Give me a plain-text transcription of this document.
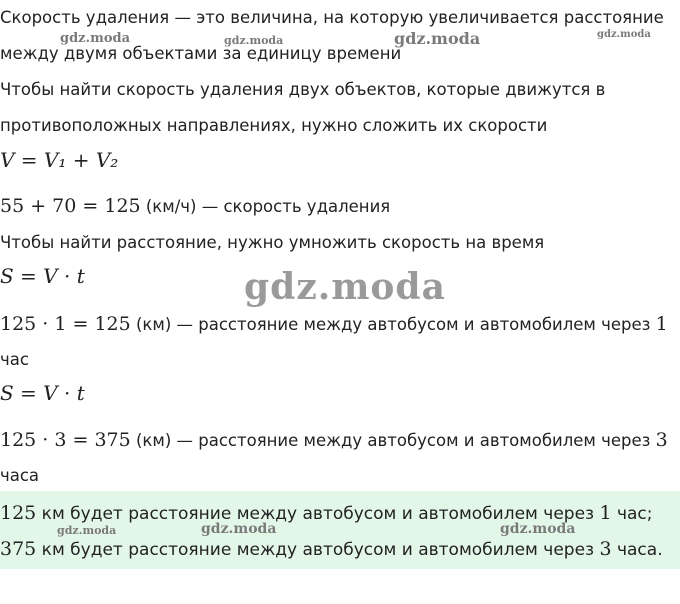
Скорость удаления — это величина, на которую увеличивается расстояние
между двумя объектами за единицу времени
Чтобы найти скорость удаления двух объектов, которые движутся в
противоположных направлениях, нужно сложить их скорости
V = V₁ + V₂
55 + 70 = 125 (км/ч) — скорость удаления
Чтобы найти расстояние, нужно умножить скорость на время
S = V · t
125 · 1 = 125 (км) — расстояние между автобусом и автомобилем через 1
час
S = V · t
125 · 3 = 375 (км) — расстояние между автобусом и автомобилем через 3
часа
125 км будет расстояние между автобусом и автомобилем через 1 час;
375 км будет расстояние между автобусом и автомобилем через 3 часа.
gdz.moda	gdz.moda	gdz.moda	gdz.moda
gdz.moda
gdz.moda	gdz.moda	gdz.moda
